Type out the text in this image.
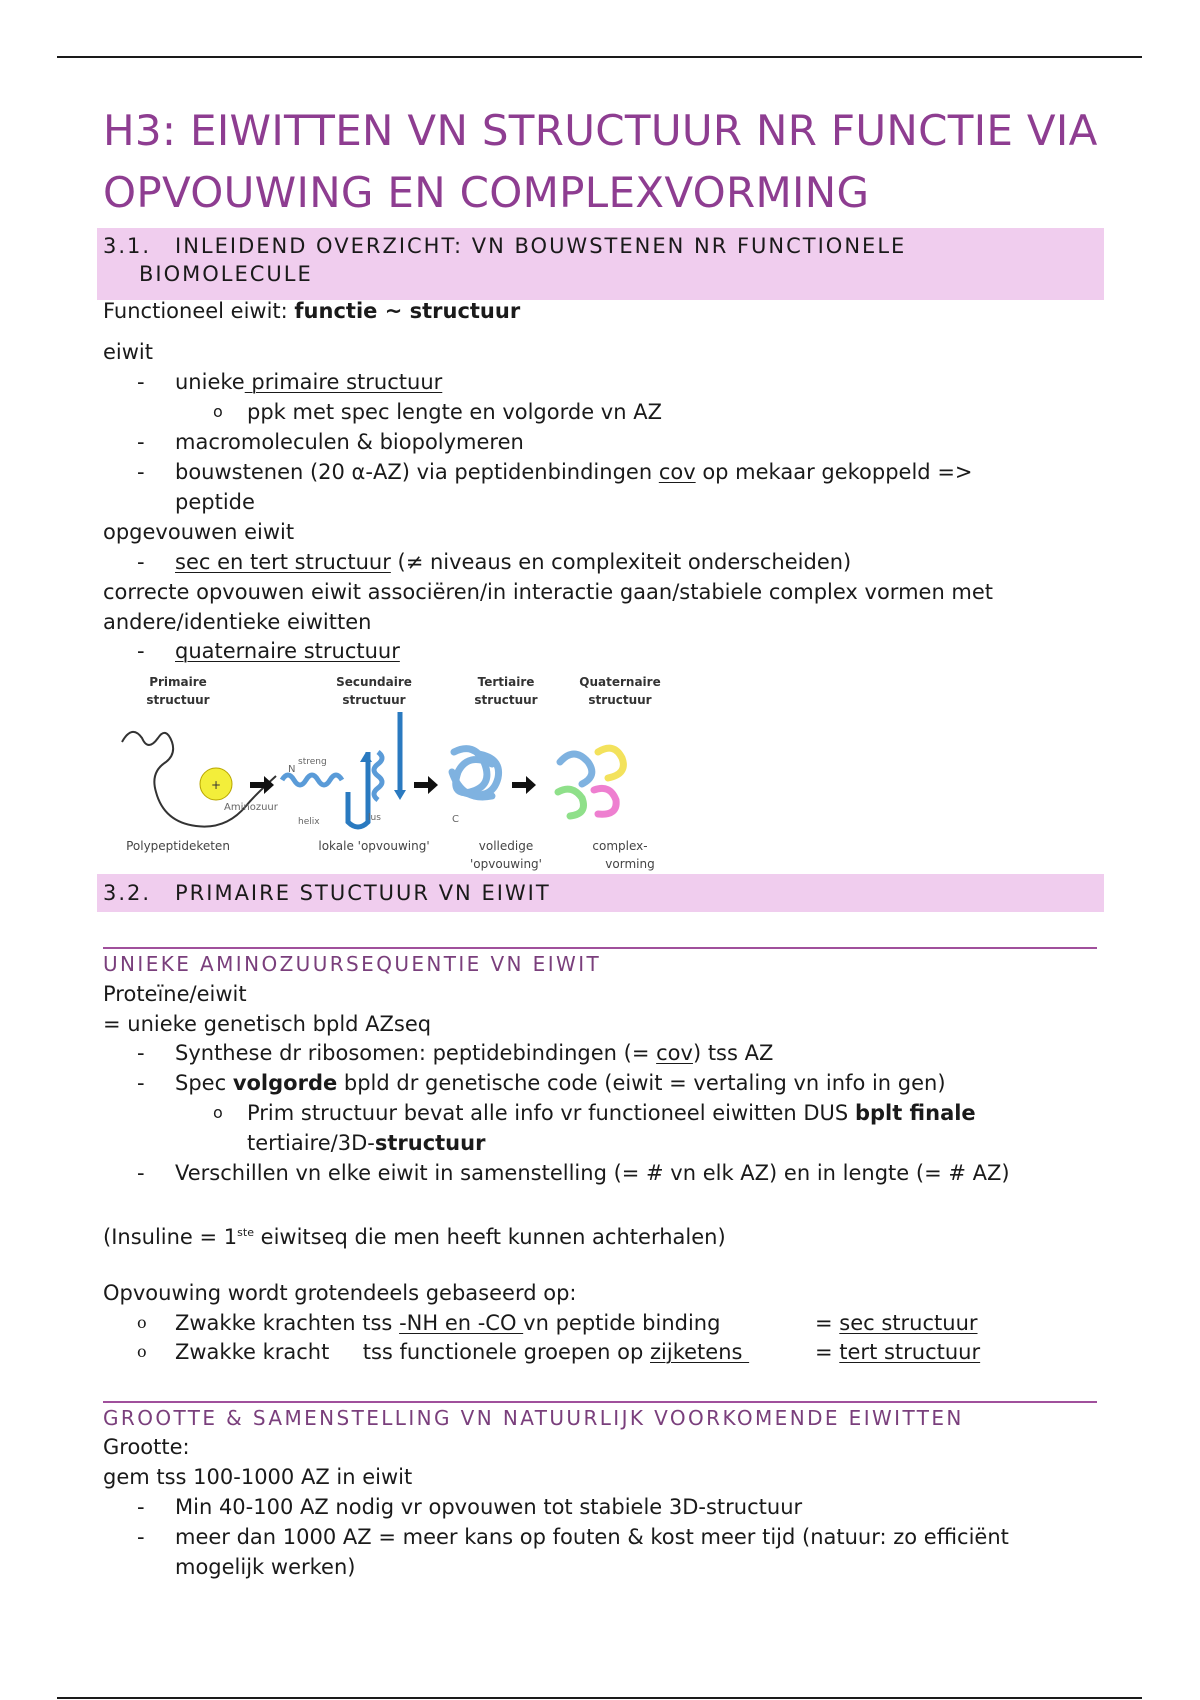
H3: EIWITTEN VN STRUCTUUR NR FUNCTIE VIA
OPVOUWING EN COMPLEXVORMING
3.1. INLEIDEND OVERZICHT: VN BOUWSTENEN NR FUNCTIONELE
BIOMOLECULE
Functioneel eiwit: functie ~ structuur
eiwit
- unieke primaire structuur
o ppk met spec lengte en volgorde vn AZ
- macromoleculen & biopolymeren
- bouwstenen (20 α-AZ) via peptidenbindingen cov op mekaar gekoppeld =>
peptide
opgevouwen eiwit
- sec en tert structuur (≠ niveaus en complexiteit onderscheiden)
correcte opvouwen eiwit associëren/in interactie gaan/stabiele complex vormen met
andere/identieke eiwitten
- quaternaire structuur
Primaire
structuur
Secundaire
structuur
Tertiaire
structuur
Quaternaire
structuur
+
Aminozuur
N
streng
helix	lus	C
Polypeptideketen	lokale 'opvouwing'	volledige
'opvouwing'
complex-
vorming
3.2. PRIMAIRE STUCTUUR VN EIWIT
UNIEKE AMINOZUURSEQUENTIE VN EIWIT
Proteïne/eiwit
= unieke genetisch bpld AZseq
- Synthese dr ribosomen: peptidebindingen (= cov) tss AZ
- Spec volgorde bpld dr genetische code (eiwit = vertaling vn info in gen)
o Prim structuur bevat alle info vr functioneel eiwitten DUS bplt finale
tertiaire/3D-structuur
- Verschillen vn elke eiwit in samenstelling (= # vn elk AZ) en in lengte (= # AZ)
(Insuline = 1ste eiwitseq die men heeft kunnen achterhalen)
Opvouwing wordt grotendeels gebaseerd op:
o Zwakke krachten tss -NH en -CO vn peptide binding	= sec structuur
o Zwakke kracht     tss functionele groepen op zijketens	= tert structuur
GROOTTE & SAMENSTELLING VN NATUURLIJK VOORKOMENDE EIWITTEN
Grootte:
gem tss 100-1000 AZ in eiwit
- Min 40-100 AZ nodig vr opvouwen tot stabiele 3D-structuur
- meer dan 1000 AZ = meer kans op fouten & kost meer tijd (natuur: zo efficiënt
mogelijk werken)
